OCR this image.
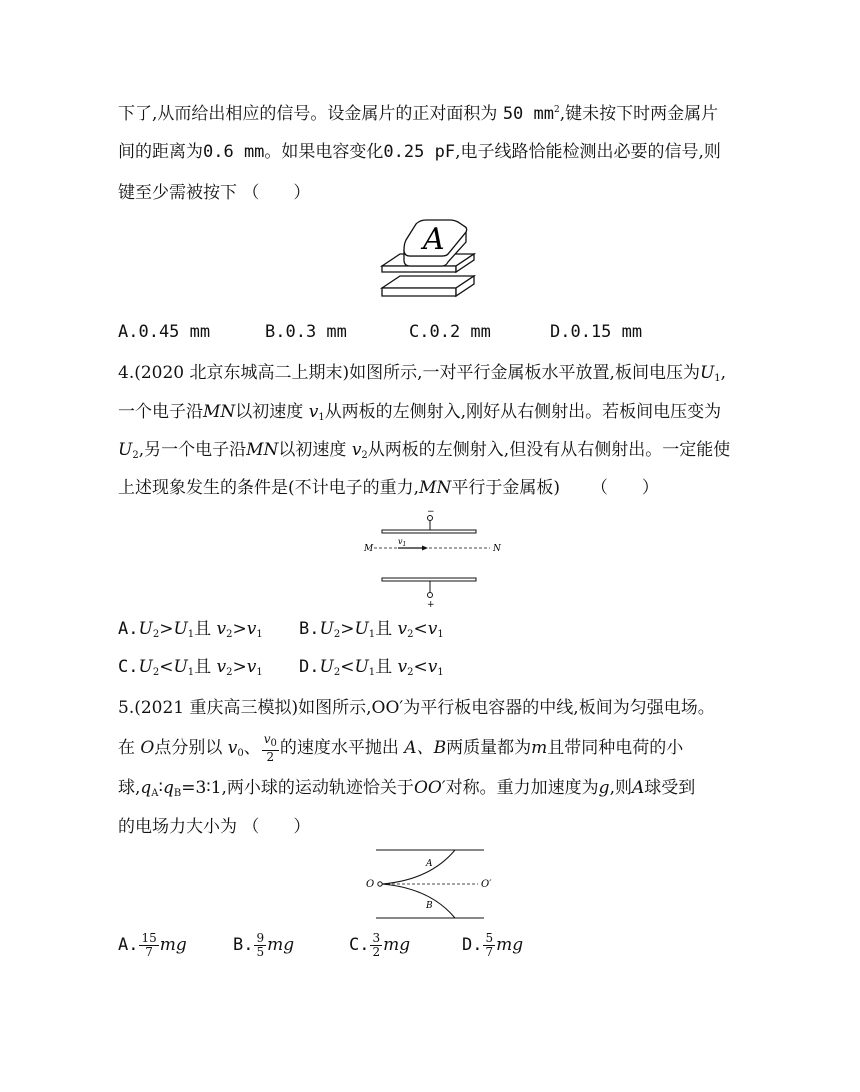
下了,从而给出相应的信号。设金属片的正对面积为 50 $mm^2$,键未按下时两金属片
间的距离为0.6 mm。如果电容变化0.25 pF,电子线路恰能检测出必要的信号,则
键至少需被按下 （　　）
A
A.0.45 mm	B.0.3 mm	C.0.2 mm	D.0.15 mm
4.(2020 北京东城高二上期末)如图所示,一对平行金属板水平放置,板间电压为$U_1$,
一个电子沿MN以初速度 $v_1$从两板的左侧射入,刚好从右侧射出。若板间电压变为
$U_2$,另一个电子沿MN以初速度 $v_2$从两板的左侧射入,但没有从右侧射出。一定能使
上述现象发生的条件是(不计电子的重力,MN平行于金属板) 　　（　　）
−
M
$v_1$	N
+
$A.U_2>U_1$且 $v_2>v_1$ $B.U_2>U_1$且 $v_2<v_1$
$C.U_2<U_1$且 $v_2>v_1$ $D.U_2<U_1$且 $v_2<v_1$
5.(2021 重庆高三模拟)如图所示,OO′为平行板电容器的中线,板间为匀强电场。
在 O点分别以 $v_0$、 $\frac{v_0}{2}$ 的速度水平抛出 A、B两质量都为m且带同种电荷的小
球$,q_A∶q_B=3∶1$,两小球的运动轨迹恰关于OO′对称。重力加速度为g,则A球受到
的电场力大小为 （　　）
O	O′
A
B
A. $\frac{15}{7}$ mg	B. $\frac{9}{5}$ mg	C. $\frac{3}{2}$ mg	D. $\frac{5}{7}$ mg
